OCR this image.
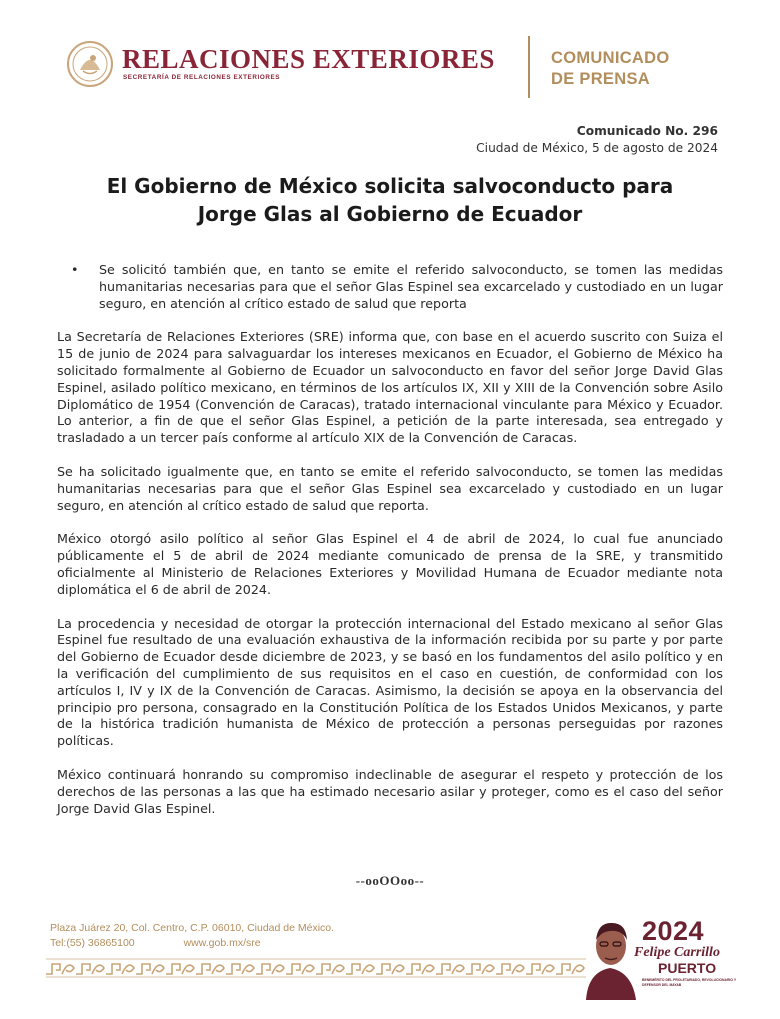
RELACIONES EXTERIORES
SECRETARÍA DE RELACIONES EXTERIORES
COMUNICADO
DE PRENSA
Comunicado No. 296
Ciudad de México, 5 de agosto de 2024
El Gobierno de México solicita salvoconducto para
Jorge Glas al Gobierno de Ecuador
• Se solicitó también que, en tanto se emite el referido salvoconducto, se tomen las medidas humanitarias necesarias para que el señor Glas Espinel sea excarcelado y custodiado en un lugar seguro, en atención al crítico estado de salud que reporta

La Secretaría de Relaciones Exteriores (SRE) informa que, con base en el acuerdo suscrito con Suiza el 15 de junio de 2024 para salvaguardar los intereses mexicanos en Ecuador, el Gobierno de México ha solicitado formalmente al Gobierno de Ecuador un salvoconducto en favor del señor Jorge David Glas Espinel, asilado político mexicano, en términos de los artículos IX, XII y XIII de la Convención sobre Asilo Diplomático de 1954 (Convención de Caracas), tratado internacional vinculante para México y Ecuador. Lo anterior, a fin de que el señor Glas Espinel, a petición de la parte interesada, sea entregado y trasladado a un tercer país conforme al artículo XIX de la Convención de Caracas.

Se ha solicitado igualmente que, en tanto se emite el referido salvoconducto, se tomen las medidas humanitarias necesarias para que el señor Glas Espinel sea excarcelado y custodiado en un lugar seguro, en atención al crítico estado de salud que reporta.

México otorgó asilo político al señor Glas Espinel el 4 de abril de 2024, lo cual fue anunciado públicamente el 5 de abril de 2024 mediante comunicado de prensa de la SRE, y transmitido oficialmente al Ministerio de Relaciones Exteriores y Movilidad Humana de Ecuador mediante nota diplomática el 6 de abril de 2024.

La procedencia y necesidad de otorgar la protección internacional del Estado mexicano al señor Glas Espinel fue resultado de una evaluación exhaustiva de la información recibida por su parte y por parte del Gobierno de Ecuador desde diciembre de 2023, y se basó en los fundamentos del asilo político y en la verificación del cumplimiento de sus requisitos en el caso en cuestión, de conformidad con los artículos I, IV y IX de la Convención de Caracas. Asimismo, la decisión se apoya en la observancia del principio pro persona, consagrado en la Constitución Política de los Estados Unidos Mexicanos, y parte de la histórica tradición humanista de México de protección a personas perseguidas por razones políticas.

México continuará honrando su compromiso indeclinable de asegurar el respeto y protección de los derechos de las personas a las que ha estimado necesario asilar y proteger, como es el caso del señor Jorge David Glas Espinel.

--ooOOoo--
Plaza Juárez 20, Col. Centro, C.P. 06010, Ciudad de México.
Tel:(55) 36865100	www.gob.mx/sre	2024
Felipe Carrillo
PUERTO
BENEMÉRITO DEL PROLETARIADO, REVOLUCIONARIO Y DEFENSOR DEL MAYAB
